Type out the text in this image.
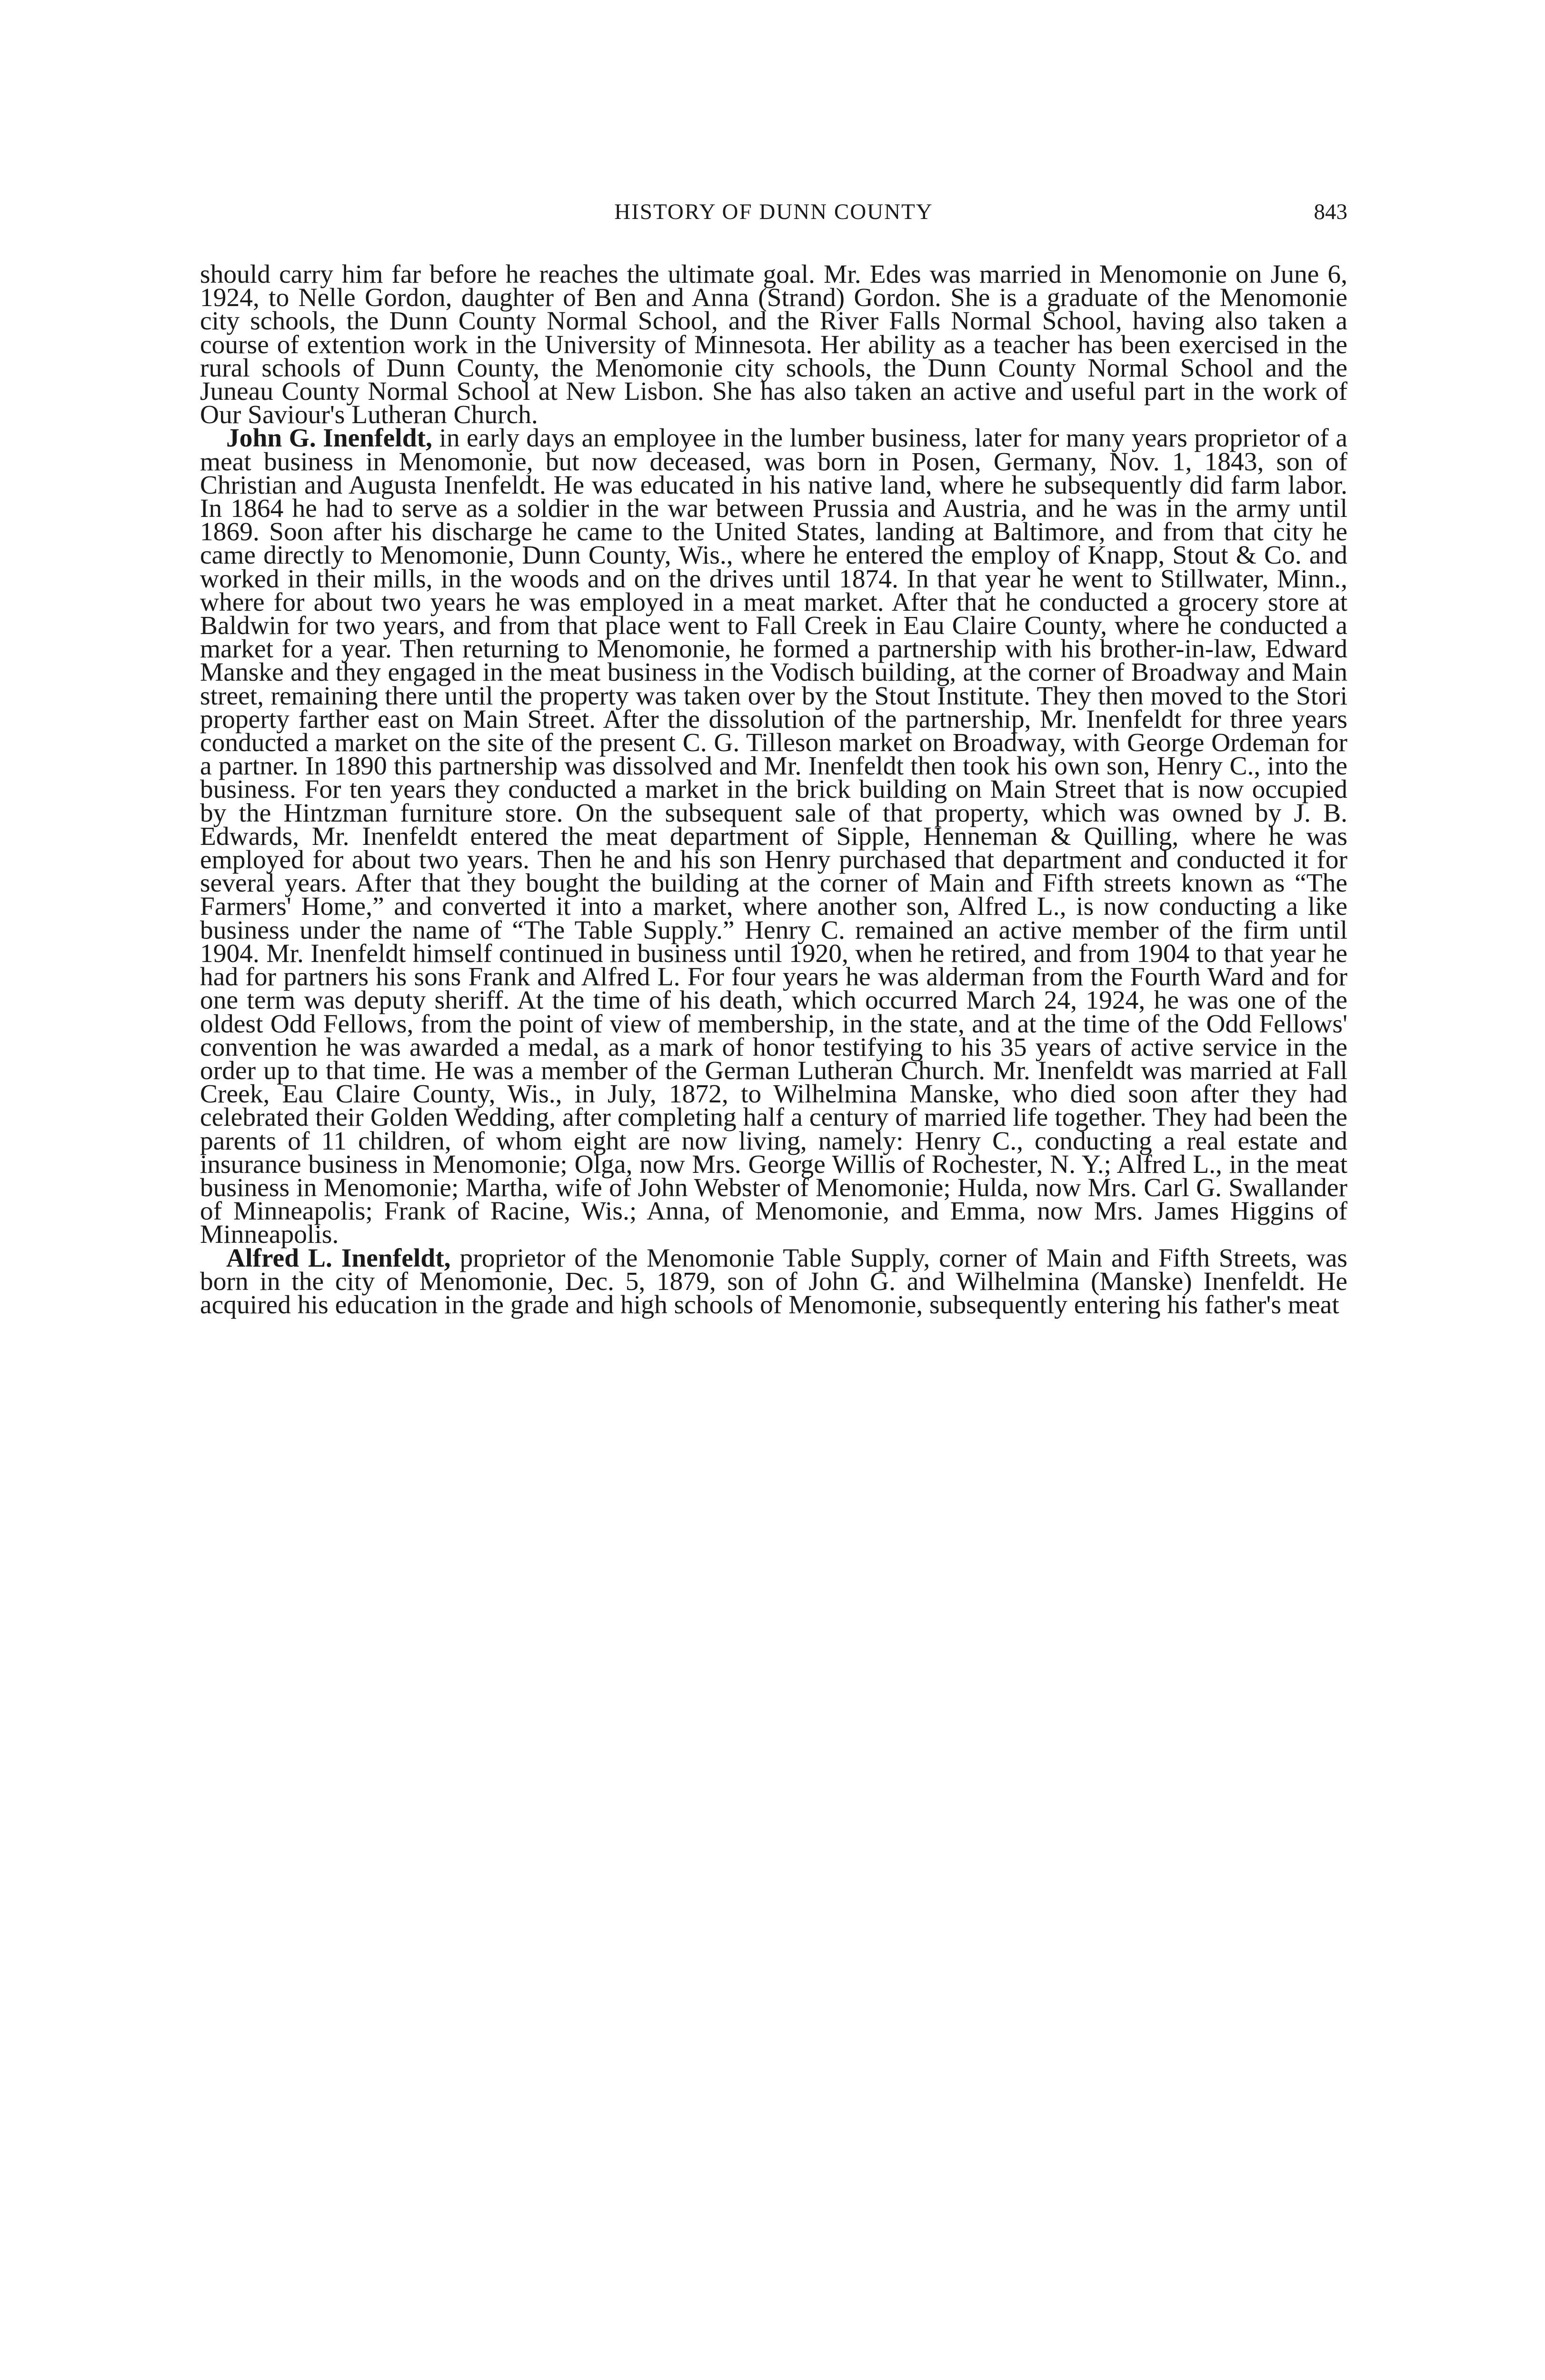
HISTORY OF DUNN COUNTY	843

should carry him far before he reaches the ultimate goal. Mr. Edes was married in Menomonie on June 6, 1924, to Nelle Gordon, daughter of Ben and Anna (Strand) Gordon. She is a graduate of the Menomonie city schools, the Dunn County Normal School, and the River Falls Normal School, having also taken a course of extention work in the University of Minnesota. Her ability as a teacher has been exercised in the rural schools of Dunn County, the Menomonie city schools, the Dunn County Normal School and the Juneau County Normal School at New Lisbon. She has also taken an active and useful part in the work of Our Saviour's Lutheran Church.

John G. Inenfeldt, in early days an employee in the lumber business, later for many years proprietor of a meat business in Menomonie, but now deceased, was born in Posen, Germany, Nov. 1, 1843, son of Christian and Augusta Inenfeldt. He was educated in his native land, where he subsequently did farm labor. In 1864 he had to serve as a soldier in the war between Prussia and Austria, and he was in the army until 1869. Soon after his discharge he came to the United States, landing at Baltimore, and from that city he came directly to Menomonie, Dunn County, Wis., where he entered the employ of Knapp, Stout & Co. and worked in their mills, in the woods and on the drives until 1874. In that year he went to Stillwater, Minn., where for about two years he was employed in a meat market. After that he conducted a grocery store at Baldwin for two years, and from that place went to Fall Creek in Eau Claire County, where he conducted a market for a year. Then returning to Menomonie, he formed a partnership with his brother-in-law, Edward Manske and they engaged in the meat business in the Vodisch building, at the corner of Broadway and Main street, remaining there until the property was taken over by the Stout Institute. They then moved to the Stori property farther east on Main Street. After the dissolution of the partnership, Mr. Inenfeldt for three years conducted a market on the site of the present C. G. Tilleson market on Broadway, with George Ordeman for a partner. In 1890 this partnership was dissolved and Mr. Inenfeldt then took his own son, Henry C., into the business. For ten years they conducted a market in the brick building on Main Street that is now occupied by the Hintzman furniture store. On the subsequent sale of that property, which was owned by J. B. Edwards, Mr. Inenfeldt entered the meat department of Sipple, Henneman & Quilling, where he was employed for about two years. Then he and his son Henry purchased that department and conducted it for several years. After that they bought the building at the corner of Main and Fifth streets known as “The Farmers' Home,” and converted it into a market, where another son, Alfred L., is now conducting a like business under the name of “The Table Supply.” Henry C. remained an active member of the firm until 1904. Mr. Inenfeldt himself continued in business until 1920, when he retired, and from 1904 to that year he had for partners his sons Frank and Alfred L. For four years he was alderman from the Fourth Ward and for one term was deputy sheriff. At the time of his death, which occurred March 24, 1924, he was one of the oldest Odd Fellows, from the point of view of membership, in the state, and at the time of the Odd Fellows' convention he was awarded a medal, as a mark of honor testifying to his 35 years of active service in the order up to that time. He was a member of the German Lutheran Church. Mr. Inenfeldt was married at Fall Creek, Eau Claire County, Wis., in July, 1872, to Wilhelmina Manske, who died soon after they had celebrated their Golden Wedding, after completing half a century of married life together. They had been the parents of 11 children, of whom eight are now living, namely: Henry C., conducting a real estate and insurance business in Menomonie; Olga, now Mrs. George Willis of Rochester, N. Y.; Alfred L., in the meat business in Menomonie; Martha, wife of John Webster of Menomonie; Hulda, now Mrs. Carl G. Swallander of Minneapolis; Frank of Racine, Wis.; Anna, of Menomonie, and Emma, now Mrs. James Higgins of Minneapolis.

Alfred L. Inenfeldt, proprietor of the Menomonie Table Supply, corner of Main and Fifth Streets, was born in the city of Menomonie, Dec. 5, 1879, son of John G. and Wilhelmina (Manske) Inenfeldt. He acquired his education in the grade and high schools of Menomonie, subsequently entering his father's meat
